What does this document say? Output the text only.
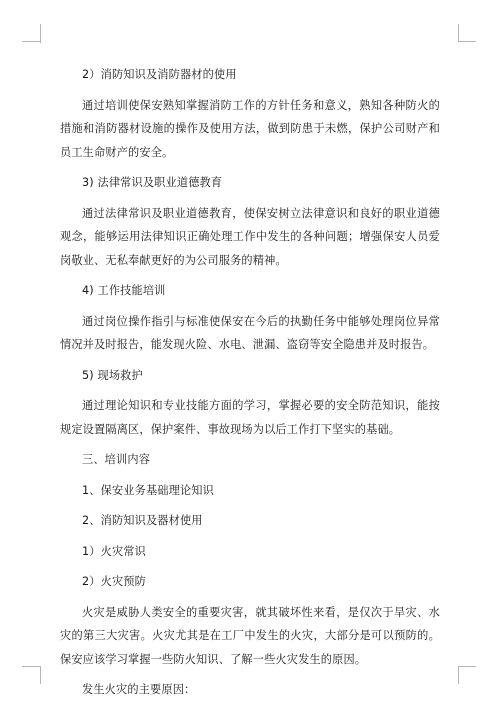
2）消防知识及消防器材的使用

通过培训使保安熟知掌握消防工作的方针任务和意义，熟知各种防火的措施和消防器材设施的操作及使用方法，做到防患于未燃，保护公司财产和员工生命财产的安全。

3) 法律常识及职业道德教育

通过法律常识及职业道德教育，使保安树立法律意识和良好的职业道德观念，能够运用法律知识正确处理工作中发生的各种问题；增强保安人员爱岗敬业、无私奉献更好的为公司服务的精神。

4) 工作技能培训

通过岗位操作指引与标准使保安在今后的执勤任务中能够处理岗位异常情况并及时报告，能发现火险、水电、泄漏、盗窃等安全隐患并及时报告。

5) 现场救护

通过理论知识和专业技能方面的学习，掌握必要的安全防范知识，能按规定设置隔离区，保护案件、事故现场为以后工作打下坚实的基础。

三、培训内容

1、保安业务基础理论知识

2、消防知识及器材使用

1）火灾常识

2）火灾预防

火灾是威胁人类安全的重要灾害，就其破坏性来看，是仅次于旱灾、水灾的第三大灾害。火灾尤其是在工厂中发生的火灾，大部分是可以预防的。保安应该学习掌握一些防火知识、了解一些火灾发生的原因。

发生火灾的主要原因：
